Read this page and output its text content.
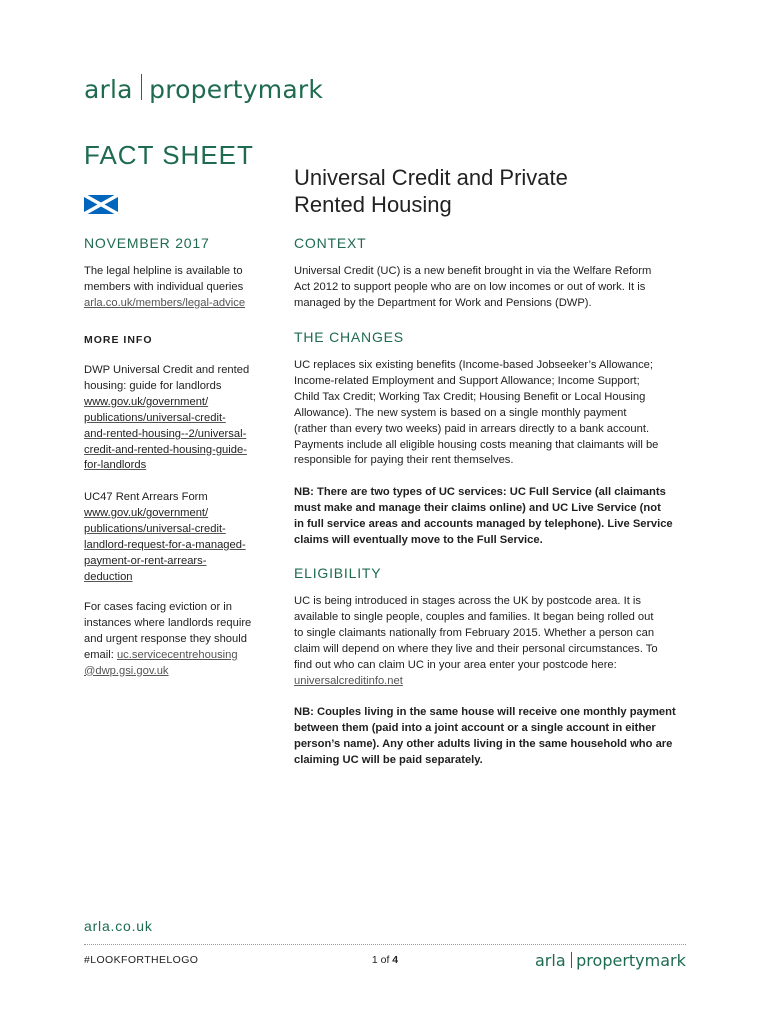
arla propertymark
FACT SHEET
Universal Credit and Private
Rented Housing
NOVEMBER 2017

The legal helpline is available to

members with individual queries

arla.co.uk/members/legal-advice

MORE INFO

DWP Universal Credit and rented

housing: guide for landlords

www.gov.uk/government/

publications/universal-credit-

and-rented-housing--2/universal-

credit-and-rented-housing-guide-

for-landlords

UC47 Rent Arrears Form

www.gov.uk/government/

publications/universal-credit-

landlord-request-for-a-managed-

payment-or-rent-arrears-

deduction

For cases facing eviction or in

instances where landlords require

and urgent response they should

email: uc.servicecentrehousing

@dwp.gsi.gov.uk

CONTEXT

Universal Credit (UC) is a new benefit brought in via the Welfare Reform

Act 2012 to support people who are on low incomes or out of work. It is

managed by the Department for Work and Pensions (DWP).

THE CHANGES

UC replaces six existing benefits (Income-based Jobseeker’s Allowance;

Income-related Employment and Support Allowance; Income Support;

Child Tax Credit; Working Tax Credit; Housing Benefit or Local Housing

Allowance). The new system is based on a single monthly payment

(rather than every two weeks) paid in arrears directly to a bank account.

Payments include all eligible housing costs meaning that claimants will be

responsible for paying their rent themselves.

NB: There are two types of UC services: UC Full Service (all claimants

must make and manage their claims online) and UC Live Service (not

in full service areas and accounts managed by telephone). Live Service

claims will eventually move to the Full Service.

ELIGIBILITY

UC is being introduced in stages across the UK by postcode area. It is

available to single people, couples and families. It began being rolled out

to single claimants nationally from February 2015. Whether a person can

claim will depend on where they live and their personal circumstances. To

find out who can claim UC in your area enter your postcode here:

universalcreditinfo.net

NB: Couples living in the same house will receive one monthly payment

between them (paid into a joint account or a single account in either

person’s name). Any other adults living in the same household who are

claiming UC will be paid separately.

arla.co.uk
#LOOKFORTHELOGO	1 of 4	arla propertymark
